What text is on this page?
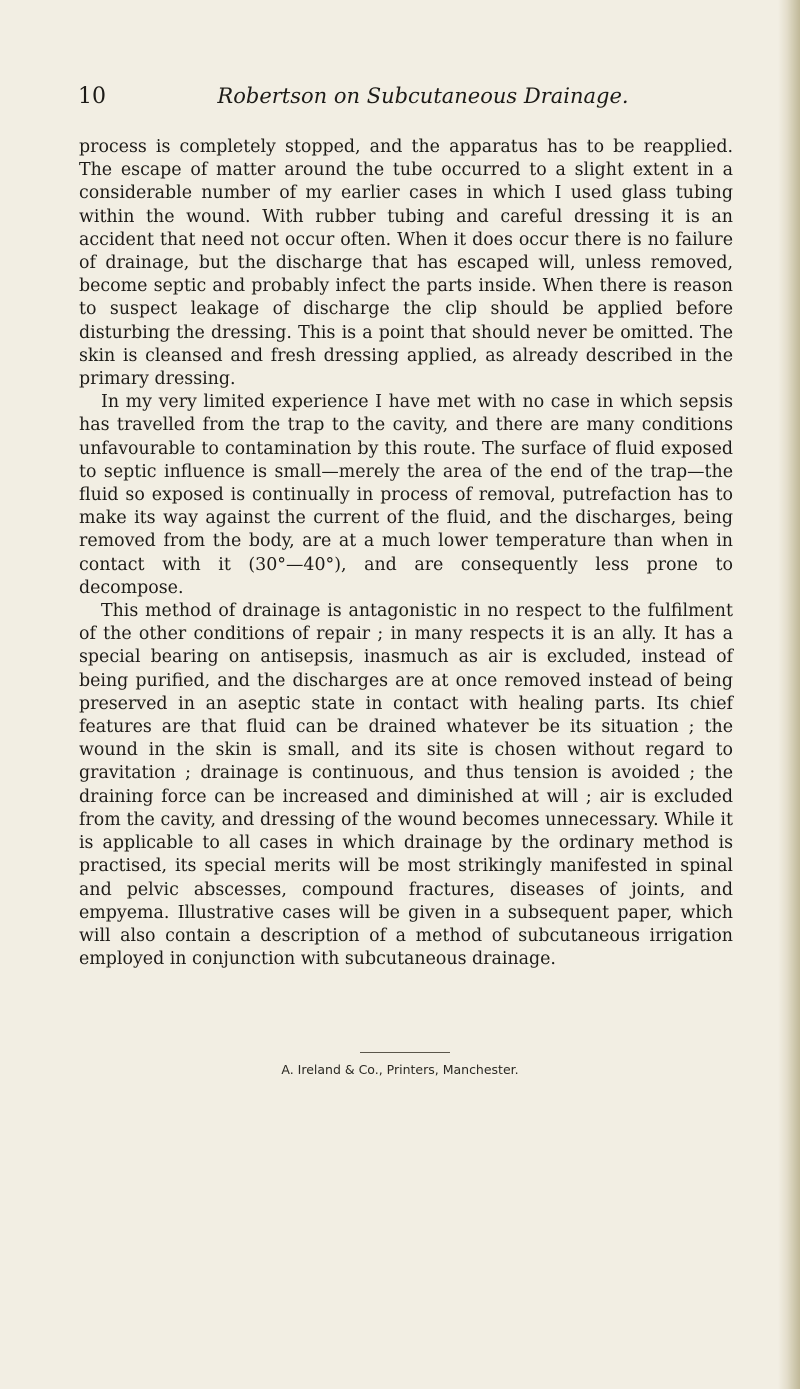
10	Robertson on Subcutaneous Drainage.

process is completely stopped, and the apparatus has to be reapplied. The escape of matter around the tube occurred to a slight extent in a considerable number of my earlier cases in which I used glass tubing within the wound. With rubber tubing and careful dressing it is an accident that need not occur often. When it does occur there is no failure of drainage, but the discharge that has escaped will, unless removed, become septic and probably infect the parts inside. When there is reason to suspect leakage of discharge the clip should be applied before disturbing the dressing. This is a point that should never be omitted. The skin is cleansed and fresh dressing applied, as already described in the primary dressing.

In my very limited experience I have met with no case in which sepsis has travelled from the trap to the cavity, and there are many conditions unfavourable to contamination by this route. The surface of fluid exposed to septic influence is small—merely the area of the end of the trap—the fluid so exposed is continually in process of removal, putrefaction has to make its way against the current of the fluid, and the discharges, being removed from the body, are at a much lower temperature than when in contact with it (30°—40°), and are consequently less prone to decompose.

This method of drainage is antagonistic in no respect to the fulfilment of the other conditions of repair ; in many respects it is an ally. It has a special bearing on antisepsis, inasmuch as air is excluded, instead of being purified, and the discharges are at once removed instead of being preserved in an aseptic state in contact with healing parts. Its chief features are that fluid can be drained whatever be its situation ; the wound in the skin is small, and its site is chosen without regard to gravitation ; drainage is continuous, and thus tension is avoided ; the draining force can be increased and diminished at will ; air is excluded from the cavity, and dressing of the wound becomes unnecessary. While it is applicable to all cases in which drainage by the ordinary method is practised, its special merits will be most strikingly manifested in spinal and pelvic abscesses, compound fractures, diseases of joints, and empyema. Illustrative cases will be given in a subsequent paper, which will also contain a description of a method of subcutaneous irrigation employed in conjunction with subcutaneous drainage.

A. Ireland & Co., Printers, Manchester.
